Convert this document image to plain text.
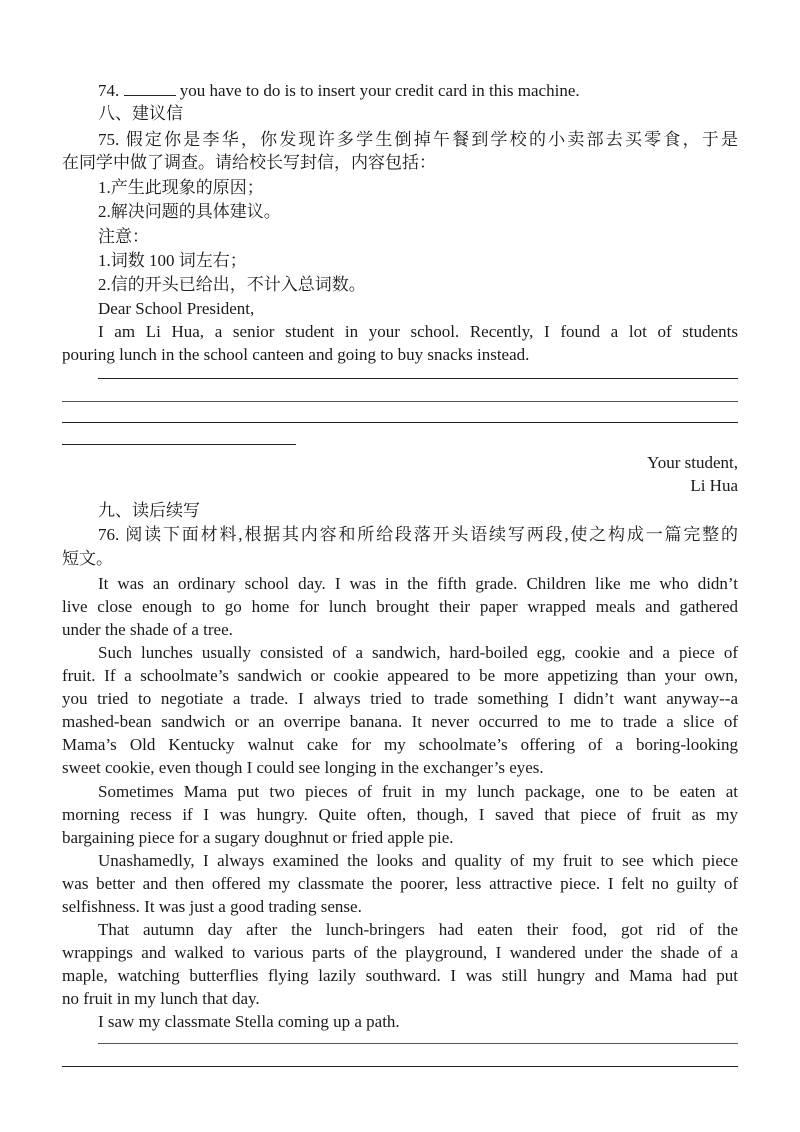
74.	you have to do is to insert your credit card in this machine.
八、建议信
75. 假定你是李华，你发现许多学生倒掉午餐到学校的小卖部去买零食，于是
在同学中做了调查。请给校长写封信，内容包括：
1.产生此现象的原因；
2.解决问题的具体建议。
注意：
1.词数 100 词左右；
2.信的开头已给出，不计入总词数。
Dear School President,
I am Li Hua, a senior student in your school. Recently, I found a lot of students
pouring lunch in the school canteen and going to buy snacks instead.
Your student,
Li Hua
九、读后续写
76. 阅读下面材料,根据其内容和所给段落开头语续写两段,使之构成一篇完整的
短文。
It was an ordinary school day. I was in the fifth grade. Children like me who didn’t
live close enough to go home for lunch brought their paper wrapped meals and gathered
under the shade of a tree.
Such lunches usually consisted of a sandwich, hard-boiled egg, cookie and a piece of
fruit. If a schoolmate’s sandwich or cookie appeared to be more appetizing than your own,
you tried to negotiate a trade. I always tried to trade something I didn’t want anyway--a
mashed-bean sandwich or an overripe banana. It never occurred to me to trade a slice of
Mama’s Old Kentucky walnut cake for my schoolmate’s offering of a boring-looking
sweet cookie, even though I could see longing in the exchanger’s eyes.
Sometimes Mama put two pieces of fruit in my lunch package, one to be eaten at
morning recess if I was hungry. Quite often, though, I saved that piece of fruit as my
bargaining piece for a sugary doughnut or fried apple pie.
Unashamedly, I always examined the looks and quality of my fruit to see which piece
was better and then offered my classmate the poorer, less attractive piece. I felt no guilty of
selfishness. It was just a good trading sense.
That autumn day after the lunch-bringers had eaten their food, got rid of the
wrappings and walked to various parts of the playground, I wandered under the shade of a
maple, watching butterflies flying lazily southward. I was still hungry and Mama had put
no fruit in my lunch that day.
I saw my classmate Stella coming up a path.
